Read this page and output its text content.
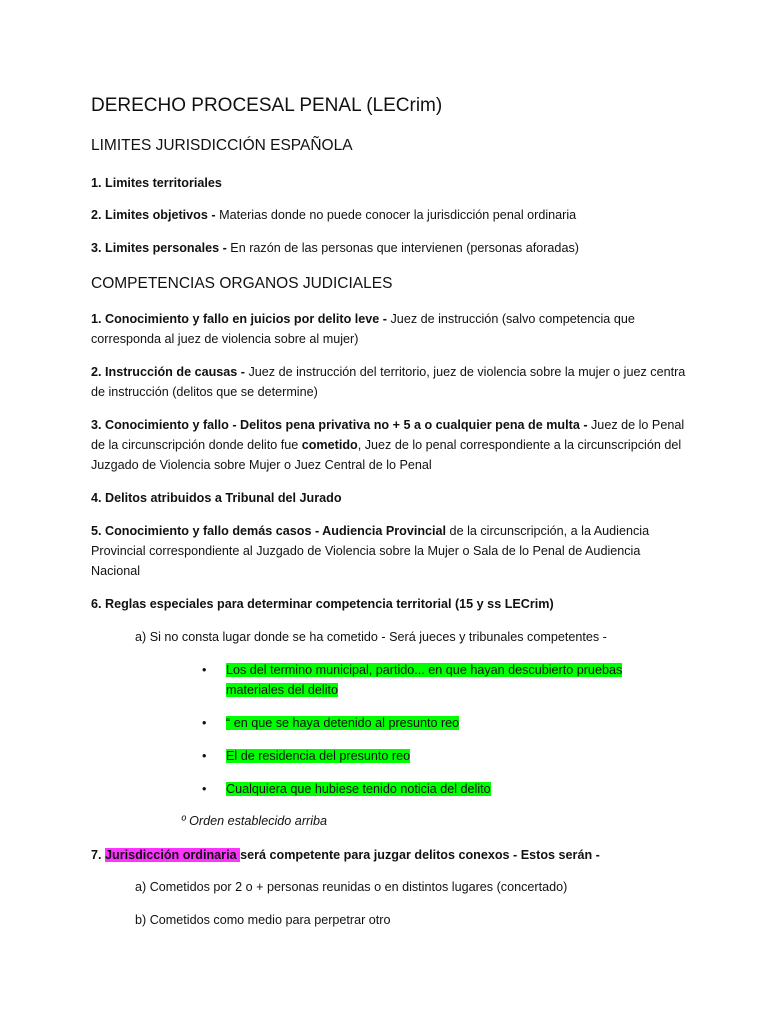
DERECHO PROCESAL PENAL (LECrim)
LIMITES JURISDICCIÓN ESPAÑOLA

1. Limites territoriales

2. Limites objetivos - Materias donde no puede conocer la jurisdicción penal ordinaria

3. Limites personales - En razón de las personas que intervienen (personas aforadas)

COMPETENCIAS ORGANOS JUDICIALES

1. Conocimiento y fallo en juicios por delito leve - Juez de instrucción (salvo competencia que corresponda al juez de violencia sobre al mujer)

2. Instrucción de causas - Juez de instrucción del territorio, juez de violencia sobre la mujer o juez centra de instrucción (delitos que se determine)

3. Conocimiento y fallo - Delitos pena privativa no + 5 a o cualquier pena de multa - Juez de lo Penal de la circunscripción donde delito fue cometido, Juez de lo penal correspondiente a la circunscripción del Juzgado de Violencia sobre Mujer o Juez Central de lo Penal

4. Delitos atribuidos a Tribunal del Jurado

5. Conocimiento y fallo demás casos - Audiencia Provincial de la circunscripción, a la Audiencia Provincial correspondiente al Juzgado de Violencia sobre la Mujer o Sala de lo Penal de Audiencia Nacional

6. Reglas especiales para determinar competencia territorial (15 y ss LECrim)

a) Si no consta lugar donde se ha cometido - Será jueces y tribunales competentes -

•	Los del termino municipal, partido... en que hayan descubierto pruebas materiales del delito

•	“ en que se haya detenido al presunto reo

•	El de residencia del presunto reo

•	Cualquiera que hubiese tenido noticia del delito

º Orden establecido arriba

7. Jurisdicción ordinaria será competente para juzgar delitos conexos - Estos serán -

a) Cometidos por 2 o + personas reunidas o en distintos lugares (concertado)

b) Cometidos como medio para perpetrar otro
